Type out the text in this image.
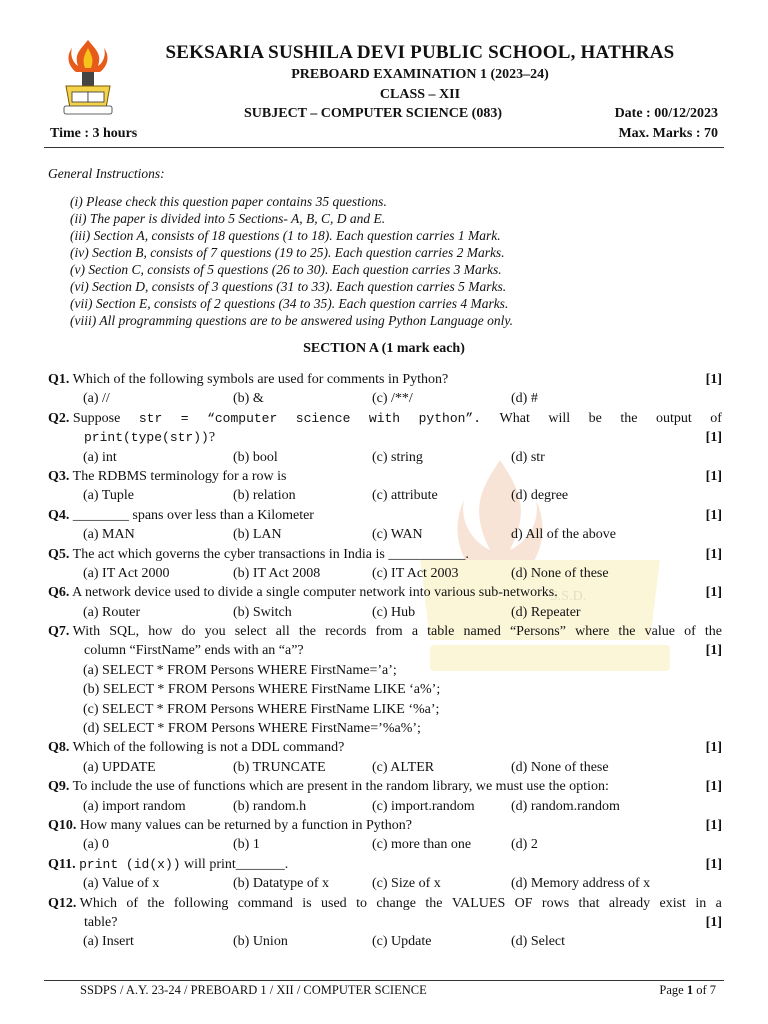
SEKSARIA SUSHILA DEVI PUBLIC SCHOOL, HATHRAS
PREBOARD EXAMINATION 1 (2023–24)
CLASS – XII
SUBJECT – COMPUTER SCIENCE (083)	Date : 00/12/2023
Time : 3 hours	Max. Marks : 70
General Instructions:
(i) Please check this question paper contains 35 questions.
(ii) The paper is divided into 5 Sections- A, B, C, D and E.
(iii) Section A, consists of 18 questions (1 to 18). Each question carries 1 Mark.
(iv) Section B, consists of 7 questions (19 to 25). Each question carries 2 Marks.
(v) Section C, consists of 5 questions (26 to 30). Each question carries 3 Marks.
(vi) Section D, consists of 3 questions (31 to 33). Each question carries 5 Marks.
(vii) Section E, consists of 2 questions (34 to 35). Each question carries 4 Marks.
(viii) All programming questions are to be answered using Python Language only.
SECTION A (1 mark each)
S.S.D.
Q1. Which of the following symbols are used for comments in Python?	[1]
(a) //	(b) &	(c) /**/	(d) #
Q2. Suppose str = “computer science with python”. What will be the output of
print(type(str))?	[1]
(a) int	(b) bool	(c) string	(d) str
Q3. The RDBMS terminology for a row is	[1]
(a) Tuple	(b) relation	(c) attribute	(d) degree
Q4. ________ spans over less than a Kilometer	[1]
(a) MAN	(b) LAN	(c) WAN	d) All of the above
Q5. The act which governs the cyber transactions in India is ___________.	[1]
(a) IT Act 2000	(b) IT Act 2008	(c) IT Act 2003	(d) None of these
Q6. A network device used to divide a single computer network into various sub-networks.	[1]
(a) Router	(b) Switch	(c) Hub	(d) Repeater
Q7. With SQL, how do you select all the records from a table named “Persons” where the value of the
column “FirstName” ends with an “a”?	[1]
(a) SELECT * FROM Persons WHERE FirstName=’a’;
(b) SELECT * FROM Persons WHERE FirstName LIKE ‘a%’;
(c) SELECT * FROM Persons WHERE FirstName LIKE ‘%a’;
(d) SELECT * FROM Persons WHERE FirstName=’%a%’;
Q8. Which of the following is not a DDL command?	[1]
(a) UPDATE	(b) TRUNCATE	(c) ALTER	(d) None of these
Q9. To include the use of functions which are present in the random library, we must use the option:	[1]
(a) import random	(b) random.h	(c) import.random	(d) random.random
Q10. How many values can be returned by a function in Python?	[1]
(a) 0	(b) 1	(c) more than one	(d) 2
Q11. print (id(x)) will print_______.	[1]
(a) Value of x	(b) Datatype of x	(c) Size of x	(d) Memory address of x
Q12. Which of the following command is used to change the VALUES OF rows that already exist in a
table?	[1]
(a) Insert	(b) Union	(c) Update	(d) Select
SSDPS / A.Y. 23-24 / PREBOARD 1 / XII / COMPUTER SCIENCE	Page 1 of 7
